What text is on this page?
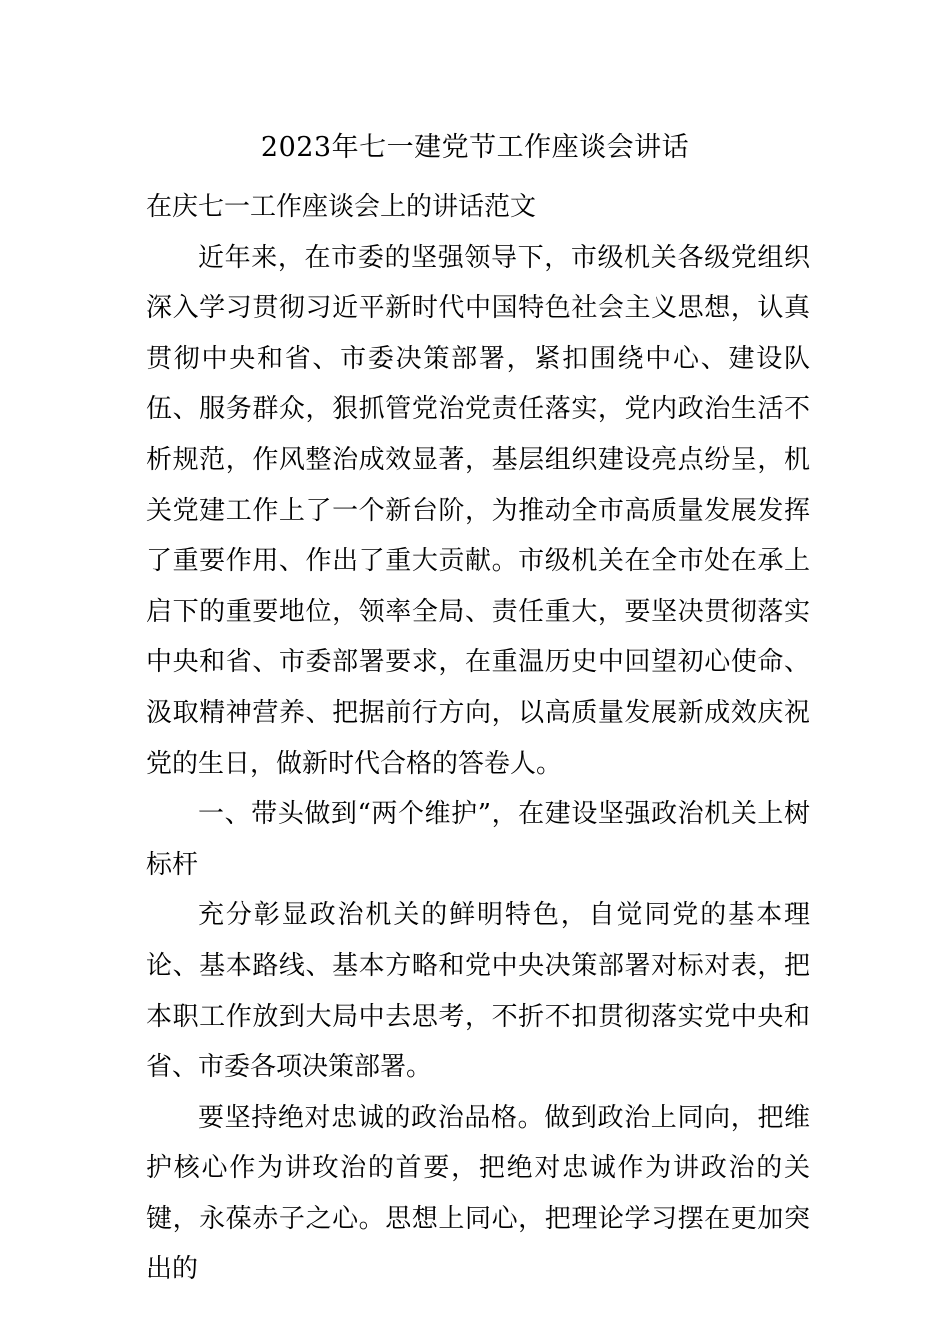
2023年七一建党节工作座谈会讲话

在庆七一工作座谈会上的讲话范文

近年来，在市委的坚强领导下，市级机关各级党组织深入学习贯彻习近平新时代中国特色社会主义思想，认真贯彻中央和省、市委决策部署，紧扣围绕中心、建设队伍、服务群众，狠抓管党治党责任落实，党内政治生活不析规范，作风整治成效显著，基层组织建设亮点纷呈，机关党建工作上了一个新台阶，为推动全市高质量发展发挥了重要作用、作出了重大贡献。市级机关在全市处在承上启下的重要地位，领率全局、责任重大，要坚决贯彻落实中央和省、市委部署要求，在重温历史中回望初心使命、汲取精神营养、把据前行方向，以高质量发展新成效庆祝党的生日，做新时代合格的答卷人。

一、带头做到“两个维护”，在建设坚强政治机关上树标杆

充分彰显政治机关的鲜明特色，自觉同党的基本理论、基本路线、基本方略和党中央决策部署对标对表，把本职工作放到大局中去思考，不折不扣贯彻落实党中央和省、市委各项决策部署。

要坚持绝对忠诚的政治品格。做到政治上同向，把维护核心作为讲玫治的首要，把绝对忠诚作为讲政治的关键，永葆赤子之心。思想上同心，把理论学习摆在更加突出的
